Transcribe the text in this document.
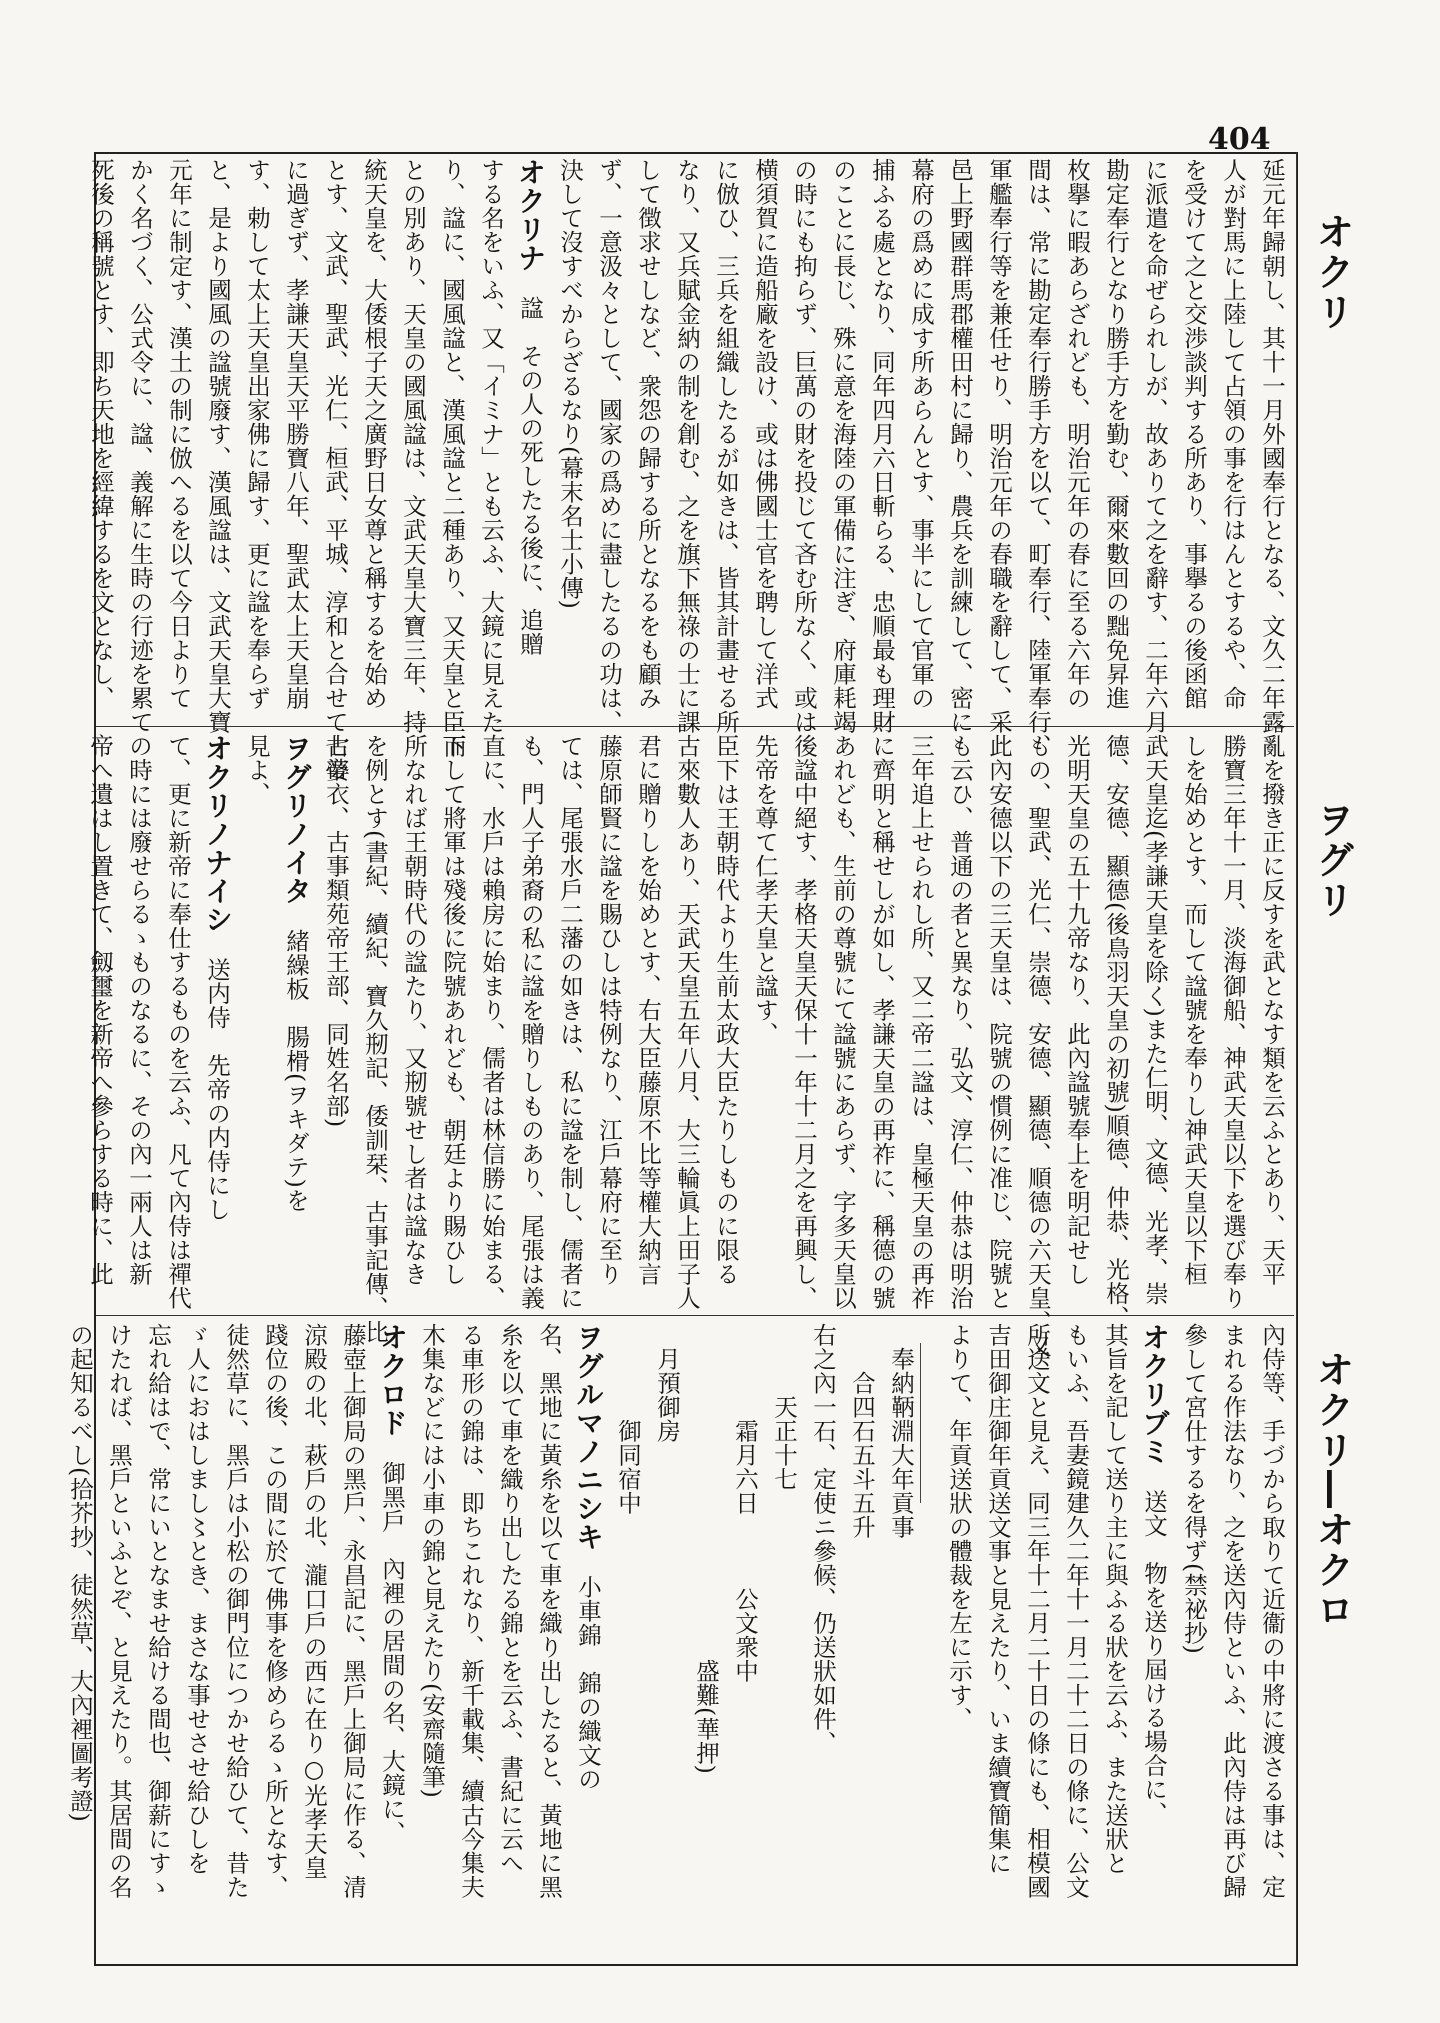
404
オクリ
ヲグリ
オクリ―オクロ
延元年歸朝し、其十一月外國奉行となる、文久二年露
人が對馬に上陸して占領の事を行はんとするや、命
を受けて之と交渉談判する所あり、事擧るの後函館
に派遣を命ぜられしが、故ありて之を辭す、二年六月
勘定奉行となり勝手方を勤む、爾來數回の黜免昇進
枚擧に暇あらざれども、明治元年の春に至る六年の
間は、常に勘定奉行勝手方を以て、町奉行、陸軍奉行、
軍艦奉行等を兼任せり、明治元年の春職を辭して、采
邑上野國群馬郡權田村に歸り、農兵を訓練して、密に
幕府の爲めに成す所あらんとす、事半にして官軍の
捕ふる處となり、同年四月六日斬らる、忠順最も理財
のことに長じ、殊に意を海陸の軍備に注ぎ、府庫耗竭
の時にも拘らず、巨萬の財を投じて吝む所なく、或は
横須賀に造船廠を設け、或は佛國士官を聘して洋式
に倣ひ、三兵を組織したるが如きは、皆其計畫せる所
なり、又兵賦金納の制を創む、之を旗下無祿の士に課
して徴求せしなど、衆怨の歸する所となるをも顧み
ず、一意汲々として、國家の爲めに盡したるの功は、
決して沒すべからざるなり(幕末名士小傳)
オクリナ　諡　その人の死したる後に、追贈
する名をいふ、又「イミナ」とも云ふ、大鏡に見えた
り、諡に、國風諡と、漢風諡と二種あり、又天皇と臣下
との別あり、天皇の國風諡は、文武天皇大寶三年、持
統天皇を、大倭根子天之廣野日女尊と稱するを始め
とす、文武、聖武、光仁、桓武、平城、淳和と合せて七帝
に過ぎず、孝謙天皇天平勝寶八年、聖武太上天皇崩
す、勅して太上天皇出家佛に歸す、更に諡を奉らず
と、是より國風の諡號廢す、漢風諡は、文武天皇大寶
元年に制定す、漢土の制に倣へるを以て今日よりて
かく名づく、公式令に、諡、義解に生時の行迹を累て
死後の稱號とす、即ち天地を經緯するを文となし、
亂を撥き正に反すを武となす類を云ふとあり、天平
勝寶三年十一月、淡海御船、神武天皇以下を選び奉り
しを始めとす、而して諡號を奉りし神武天皇以下桓
武天皇迄(孝謙天皇を除く)また仁明、文德、光孝、崇
德、安德、顯德(後鳥羽天皇の初號)順德、仲恭、光格、
光明天皇の五十九帝なり、此內諡號奉上を明記せし
もの、聖武、光仁、崇德、安德、顯德、順德の六天皇、又
此內安德以下の三天皇は、院號の慣例に准じ、院號と
も云ひ、普通の者と異なり、弘文、淳仁、仲恭は明治
三年追上せられし所、又二帝二諡は、皇極天皇の再祚
に齊明と稱せしが如し、孝謙天皇の再祚に、稱德の號
あれども、生前の尊號にて諡號にあらず、字多天皇以
後諡中絕す、孝格天皇天保十一年十二月之を再興し、
先帝を尊て仁孝天皇と諡す、
臣下は王朝時代より生前太政大臣たりしものに限る
古來數人あり、天武天皇五年八月、大三輪眞上田子人
君に贈りしを始めとす、右大臣藤原不比等權大納言
藤原師賢に諡を賜ひしは特例なり、江戶幕府に至り
ては、尾張水戶二藩の如きは、私に諡を制し、儒者に
も、門人子弟裔の私に諡を贈りしものあり、尾張は義
直に、水戶は賴房に始まり、儒者は林信勝に始まる、
而して將軍は殘後に院號あれども、朝廷より賜ひし
所なれば王朝時代の諡たり、又剏號せし者は諡なき
を例とす(書紀、續紀、寶久剏記、倭訓栞、古事記傳、比
古婆衣、古事類苑帝王部、同姓名部)
ヲグリノイタ　緒繰板　腸榾(ヲキダテ)を
見よ、
オクリノナイシ　送内侍　先帝の内侍にし
て、更に新帝に奉仕するものを云ふ、凡て內侍は禪代
の時には廢せらるゝものなるに、その內一兩人は新
帝へ遺はし置きて、劔璽を新帝へ參らする時に、此
內侍等、手づから取りて近衞の中將に渡さる事は、定
まれる作法なり、之を送內侍といふ、此內侍は再び歸
參して宮仕するを得ず(禁祕抄)
オクリブミ　送文　物を送り屆ける場合に、
其旨を記して送り主に與ふる狀を云ふ、また送狀と
もいふ、吾妻鏡建久二年十一月二十二日の條に、公文
所送文と見え、同三年十二月二十日の條にも、相模國
吉田御庄御年貢送文事と見えたり、いま續寶簡集に
よりて、年貢送狀の體裁を左に示す、
　奉納鞆淵大年貢事
　　合四石五斗五升
右之內一石、定使ニ參候、仍送狀如件、
　　　天正十七
　　　　霜月六日　　　公文衆中
　　　　　　　　　　　　　　盛難(華押)
　月預御房
　　　　御同宿中
ヲグルマノニシキ　小車錦　錦の織文の
名、黑地に黃糸を以て車を織り出したると、黃地に黑
糸を以て車を織り出したる錦とを云ふ、書紀に云へ
る車形の錦は、即ちこれなり、新千載集、續古今集夫
木集などには小車の錦と見えたり(安齋隨筆)
オクロド　御黑戶　內裡の居間の名、大鏡に、
藤壺上御局の黑戶、永昌記に、黑戶上御局に作る、清
涼殿の北、萩戶の北、瀧口戶の西に在り○光孝天皇
踐位の後、この間に於て佛事を修めらるゝ所となす、
徒然草に、黑戶は小松の御門位につかせ給ひて、昔た
ゞ人におはしまし〻とき、まさな事せさせ給ひしを
忘れ給はで、常にいとなませ給ける間也、御薪にすゝ
けたれば、黑戶といふとぞ、と見えたり。其居間の名
の起知るべし(拾芥抄、徒然草、大內裡圖考證)
